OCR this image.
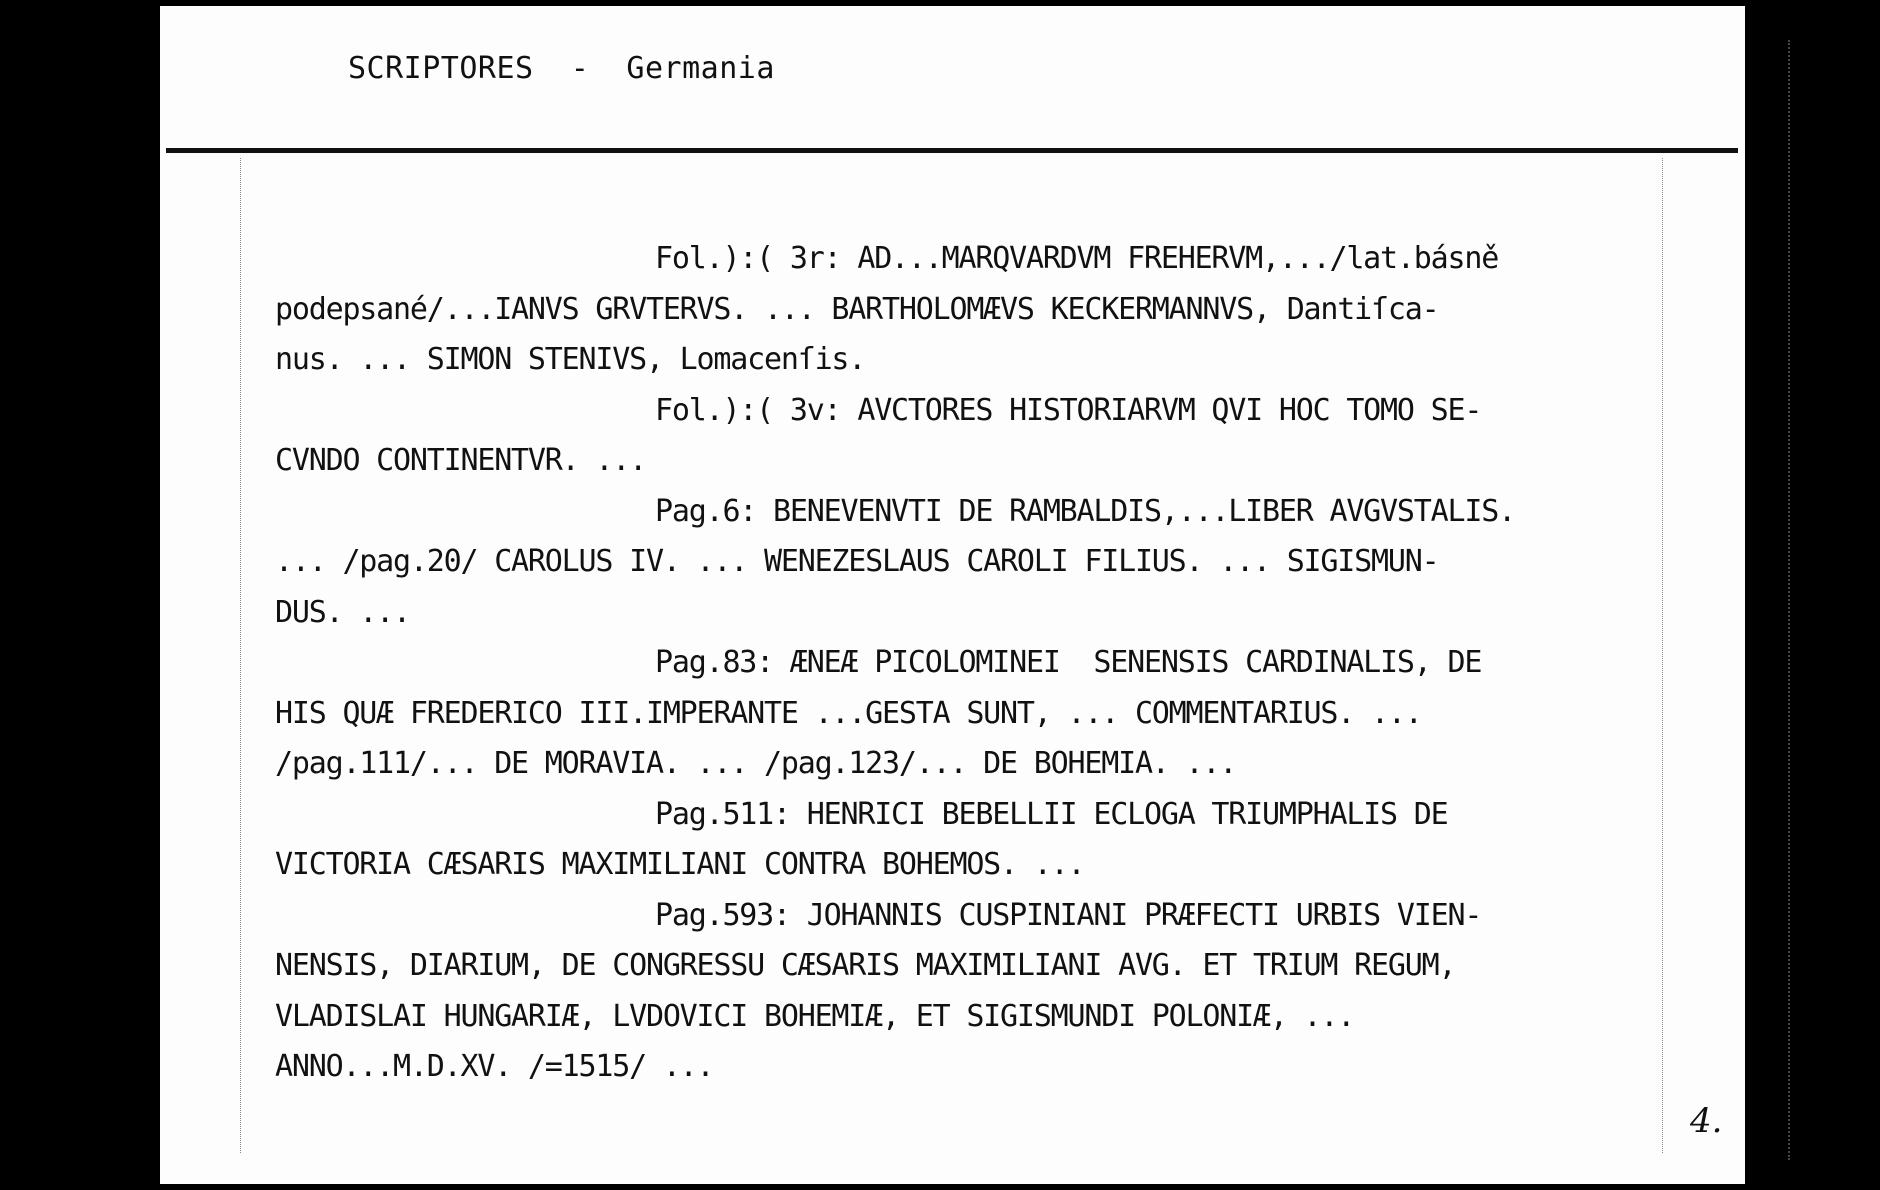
SCRIPTORES  -  Germania
Fol.):( 3r: AD...MARQVARDVM FREHERVM,.../lat.básně
podepsané/...IANVS GRVTERVS. ... BARTHOLOMÆVS KECKERMANNVS, Dantiſca-
nus. ... SIMON STENIVS, Lomacenſis.
Fol.):( 3v: AVCTORES HISTORIARVM QVI HOC TOMO SE-
CVNDO CONTINENTVR. ...
Pag.6: BENEVENVTI DE RAMBALDIS,...LIBER AVGVSTALIS.
... /pag.20/ CAROLUS IV. ... WENEZESLAUS CAROLI FILIUS. ... SIGISMUN-
DUS. ...
Pag.83: ÆNEÆ PICOLOMINEI  SENENSIS CARDINALIS, DE
HIS QUÆ FREDERICO III.IMPERANTE ...GESTA SUNT, ... COMMENTARIUS. ...
/pag.111/... DE MORAVIA. ... /pag.123/... DE BOHEMIA. ...
Pag.511: HENRICI BEBELLII ECLOGA TRIUMPHALIS DE
VICTORIA CÆSARIS MAXIMILIANI CONTRA BOHEMOS. ...
Pag.593: JOHANNIS CUSPINIANI PRÆFECTI URBIS VIEN-
NENSIS, DIARIUM, DE CONGRESSU CÆSARIS MAXIMILIANI AVG. ET TRIUM REGUM,
VLADISLAI HUNGARIÆ, LVDOVICI BOHEMIÆ, ET SIGISMUNDI POLONIÆ, ...
ANNO...M.D.XV. /=1515/ ...
4.
